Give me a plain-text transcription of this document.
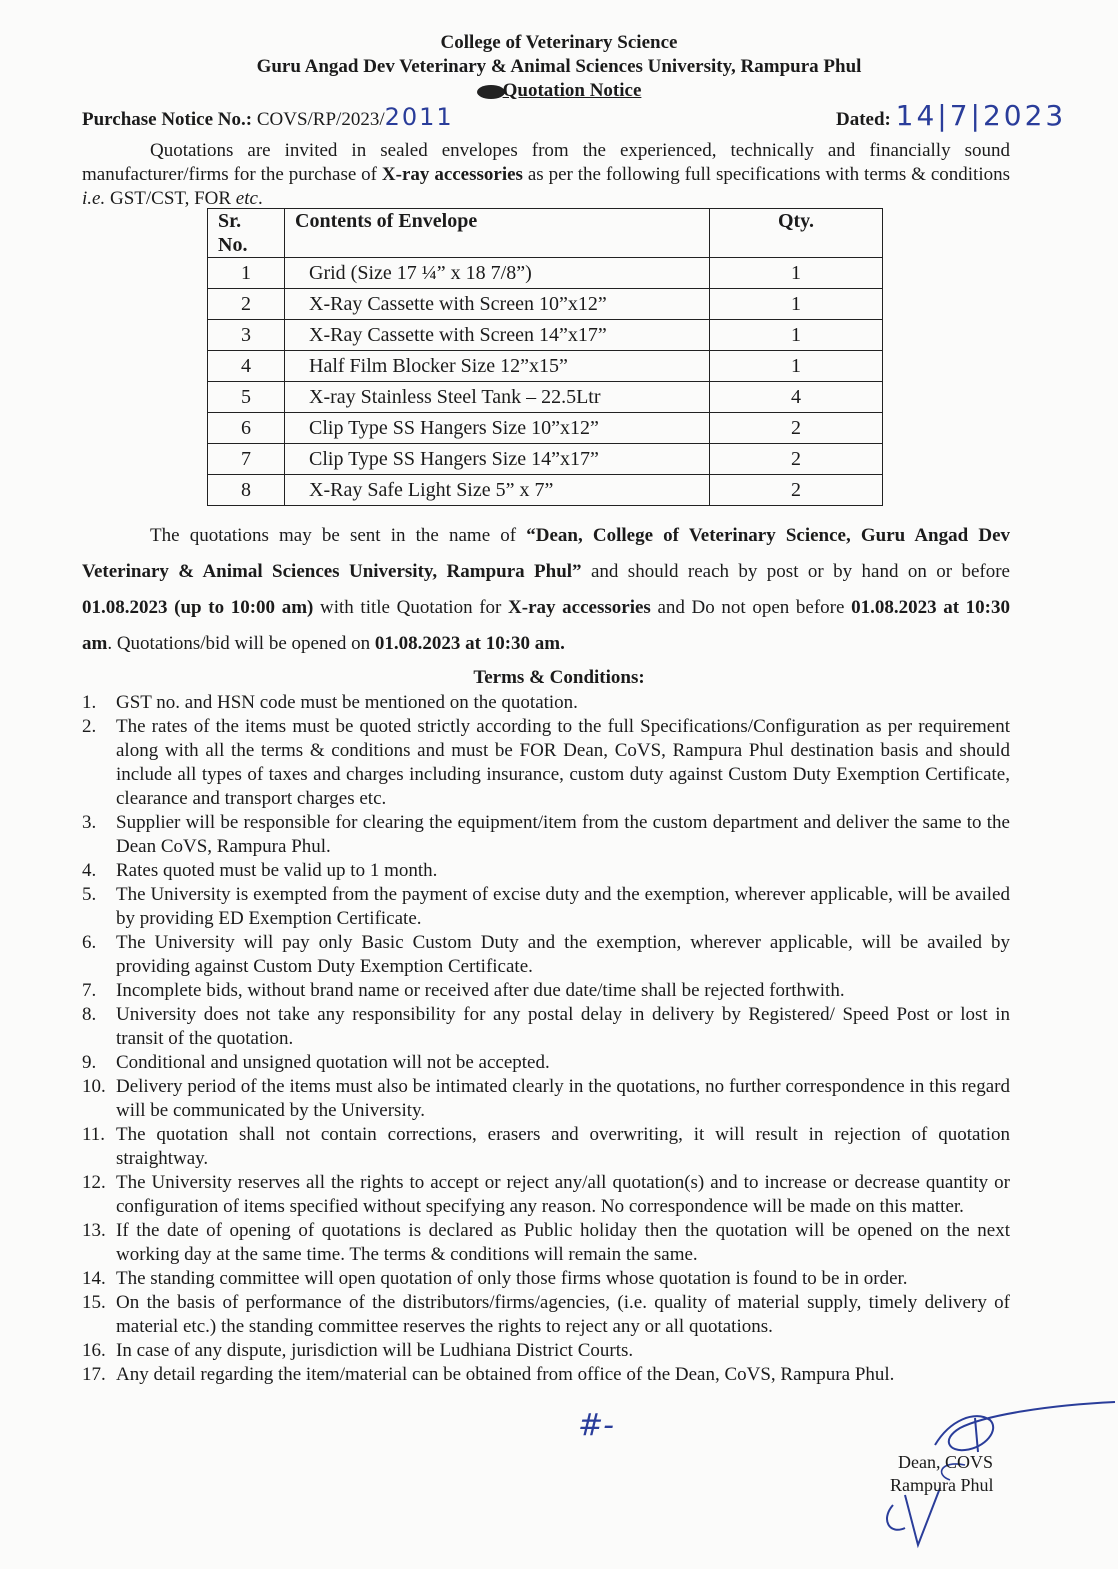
College of Veterinary Science
Guru Angad Dev Veterinary & Animal Sciences University, Rampura Phul
Quotation Notice
Purchase Notice No.: COVS/RP/2023/2011	Dated: 14|7|2023
Quotations are invited in sealed envelopes from the experienced, technically and financially sound manufacturer/firms for the purchase of X-ray accessories as per the following full specifications with terms & conditions i.e. GST/CST, FOR etc.
Sr.
No.	Contents of Envelope	Qty.
1	Grid (Size 17 ¼” x 18 7/8”)	1
2	X-Ray Cassette with Screen 10”x12”	1
3	X-Ray Cassette with Screen 14”x17”	1
4	Half Film Blocker Size 12”x15”	1
5	X-ray Stainless Steel Tank – 22.5Ltr	4
6	Clip Type SS Hangers Size 10”x12”	2
7	Clip Type SS Hangers Size 14”x17”	2
8	X-Ray Safe Light Size 5” x 7”	2
The quotations may be sent in the name of “Dean, College of Veterinary Science, Guru Angad Dev Veterinary & Animal Sciences University, Rampura Phul” and should reach by post or by hand on or before 01.08.2023 (up to 10:00 am) with title Quotation for X-ray accessories and Do not open before 01.08.2023 at 10:30 am. Quotations/bid will be opened on 01.08.2023 at 10:30 am.
Terms & Conditions:
1.	GST no. and HSN code must be mentioned on the quotation.
2.	The rates of the items must be quoted strictly according to the full Specifications/Configuration as per requirement along with all the terms & conditions and must be FOR Dean, CoVS, Rampura Phul destination basis and should include all types of taxes and charges including insurance, custom duty against Custom Duty Exemption Certificate, clearance and transport charges etc.
3.	Supplier will be responsible for clearing the equipment/item from the custom department and deliver the same to the Dean CoVS, Rampura Phul.
4.	Rates quoted must be valid up to 1 month.
5.	The University is exempted from the payment of excise duty and the exemption, wherever applicable, will be availed by providing ED Exemption Certificate.
6.	The University will pay only Basic Custom Duty and the exemption, wherever applicable, will be availed by providing against Custom Duty Exemption Certificate.
7.	Incomplete bids, without brand name or received after due date/time shall be rejected forthwith.
8.	University does not take any responsibility for any postal delay in delivery by Registered/ Speed Post or lost in transit of the quotation.
9.	Conditional and unsigned quotation will not be accepted.
10. Delivery period of the items must also be intimated clearly in the quotations, no further correspondence in this regard will be communicated by the University.
11. The quotation shall not contain corrections, erasers and overwriting, it will result in rejection of quotation straightway.
12. The University reserves all the rights to accept or reject any/all quotation(s) and to increase or decrease quantity or configuration of items specified without specifying any reason. No correspondence will be made on this matter.
13. If the date of opening of quotations is declared as Public holiday then the quotation will be opened on the next working day at the same time. The terms & conditions will remain the same.
14. The standing committee will open quotation of only those firms whose quotation is found to be in order.
15. On the basis of performance of the distributors/firms/agencies, (i.e. quality of material supply, timely delivery of material etc.) the standing committee reserves the rights to reject any or all quotations.
16. In case of any dispute, jurisdiction will be Ludhiana District Courts.
17. Any detail regarding the item/material can be obtained from office of the Dean, CoVS, Rampura Phul.
#-
Dean, COVS
Rampura Phul
